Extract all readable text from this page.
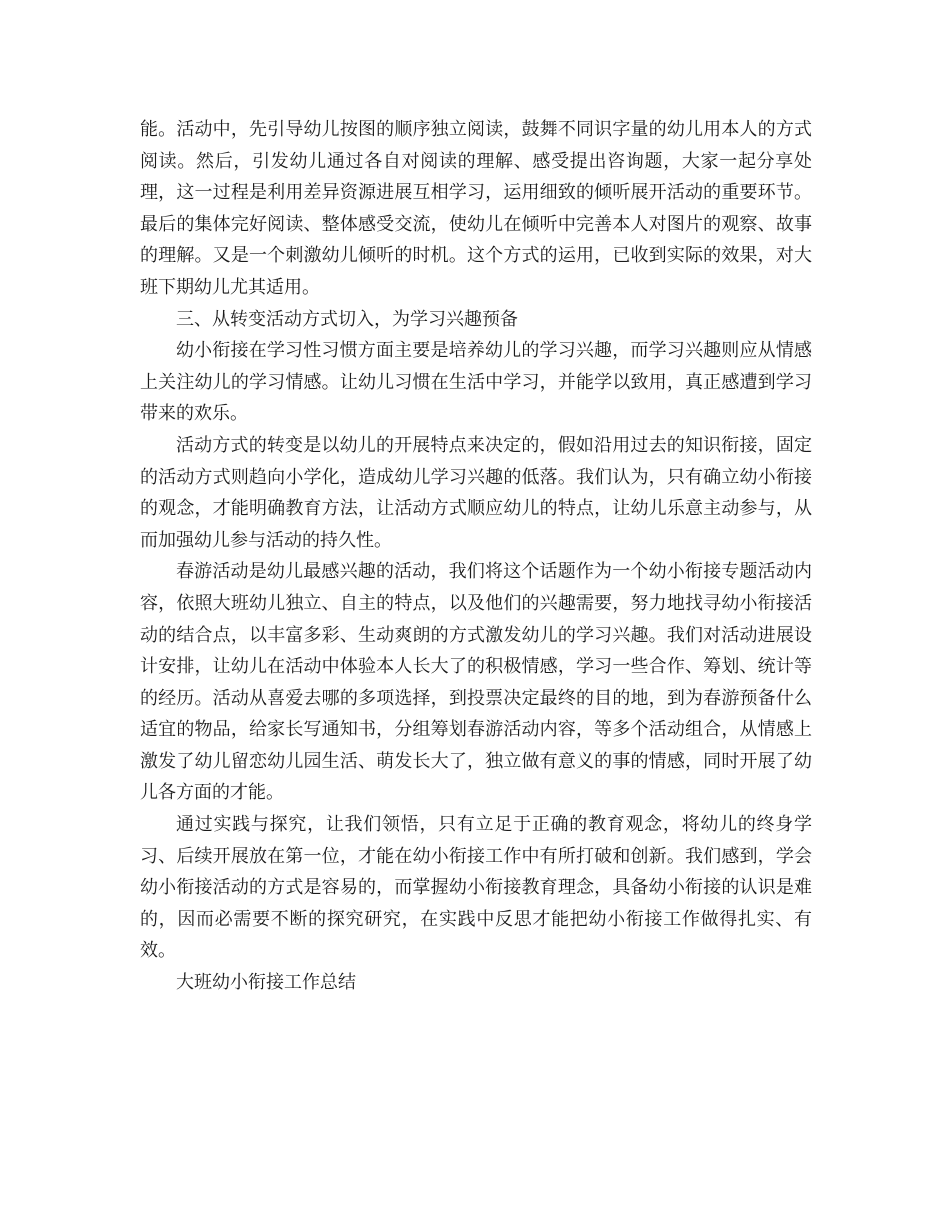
能。活动中，先引导幼儿按图的顺序独立阅读，鼓舞不同识字量的幼儿用本人的方式阅读。然后，引发幼儿通过各自对阅读的理解、感受提出咨询题，大家一起分享处理，这一过程是利用差异资源进展互相学习，运用细致的倾听展开活动的重要环节。最后的集体完好阅读、整体感受交流，使幼儿在倾听中完善本人对图片的观察、故事的理解。又是一个刺激幼儿倾听的时机。这个方式的运用，已收到实际的效果，对大班下期幼儿尤其适用。

三、从转变活动方式切入，为学习兴趣预备

幼小衔接在学习性习惯方面主要是培养幼儿的学习兴趣，而学习兴趣则应从情感上关注幼儿的学习情感。让幼儿习惯在生活中学习，并能学以致用，真正感遭到学习带来的欢乐。

活动方式的转变是以幼儿的开展特点来决定的，假如沿用过去的知识衔接，固定的活动方式则趋向小学化，造成幼儿学习兴趣的低落。我们认为，只有确立幼小衔接的观念，才能明确教育方法，让活动方式顺应幼儿的特点，让幼儿乐意主动参与，从而加强幼儿参与活动的持久性。

春游活动是幼儿最感兴趣的活动，我们将这个话题作为一个幼小衔接专题活动内容，依照大班幼儿独立、自主的特点，以及他们的兴趣需要，努力地找寻幼小衔接活动的结合点，以丰富多彩、生动爽朗的方式激发幼儿的学习兴趣。我们对活动进展设计安排，让幼儿在活动中体验本人长大了的积极情感，学习一些合作、筹划、统计等的经历。活动从喜爱去哪的多项选择，到投票决定最终的目的地，到为春游预备什么适宜的物品，给家长写通知书，分组筹划春游活动内容，等多个活动组合，从情感上激发了幼儿留恋幼儿园生活、萌发长大了，独立做有意义的事的情感，同时开展了幼儿各方面的才能。

通过实践与探究，让我们领悟，只有立足于正确的教育观念，将幼儿的终身学习、后续开展放在第一位，才能在幼小衔接工作中有所打破和创新。我们感到，学会幼小衔接活动的方式是容易的，而掌握幼小衔接教育理念，具备幼小衔接的认识是难的，因而必需要不断的探究研究，在实践中反思才能把幼小衔接工作做得扎实、有效。

大班幼小衔接工作总结
